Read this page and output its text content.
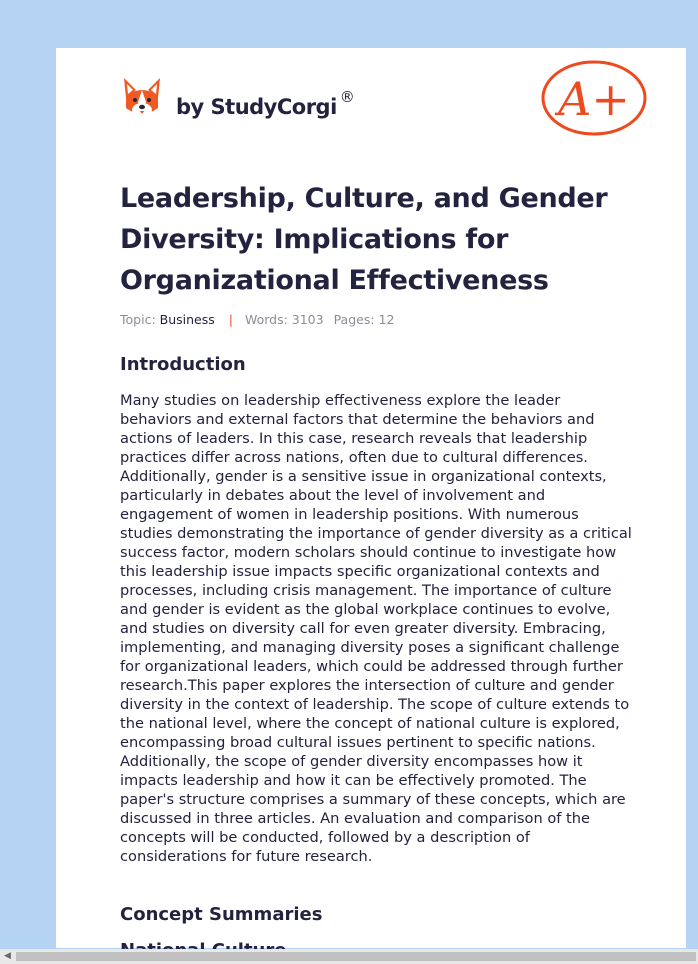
by StudyCorgi ®	A+
Leadership, Culture, and Gender Diversity: Implications for Organizational Effectiveness
Topic: Business | Words: 3103 Pages: 12
Introduction

Many studies on leadership effectiveness explore the leader behaviors and external factors that determine the behaviors and actions of leaders. In this case, research reveals that leadership practices differ across nations, often due to cultural differences. Additionally, gender is a sensitive issue in organizational contexts, particularly in debates about the level of involvement and engagement of women in leadership positions. With numerous studies demonstrating the importance of gender diversity as a critical success factor, modern scholars should continue to investigate how this leadership issue impacts specific organizational contexts and processes, including crisis management. The importance of culture and gender is evident as the global workplace continues to evolve, and studies on diversity call for even greater diversity. Embracing, implementing, and managing diversity poses a significant challenge for organizational leaders, which could be addressed through further research.This paper explores the intersection of culture and gender diversity in the context of leadership. The scope of culture extends to the national level, where the concept of national culture is explored, encompassing broad cultural issues pertinent to specific nations. Additionally, the scope of gender diversity encompasses how it impacts leadership and how it can be effectively promoted. The paper's structure comprises a summary of these concepts, which are discussed in three articles. An evaluation and comparison of the concepts will be conducted, followed by a description of considerations for future research.

Concept Summaries
◀
